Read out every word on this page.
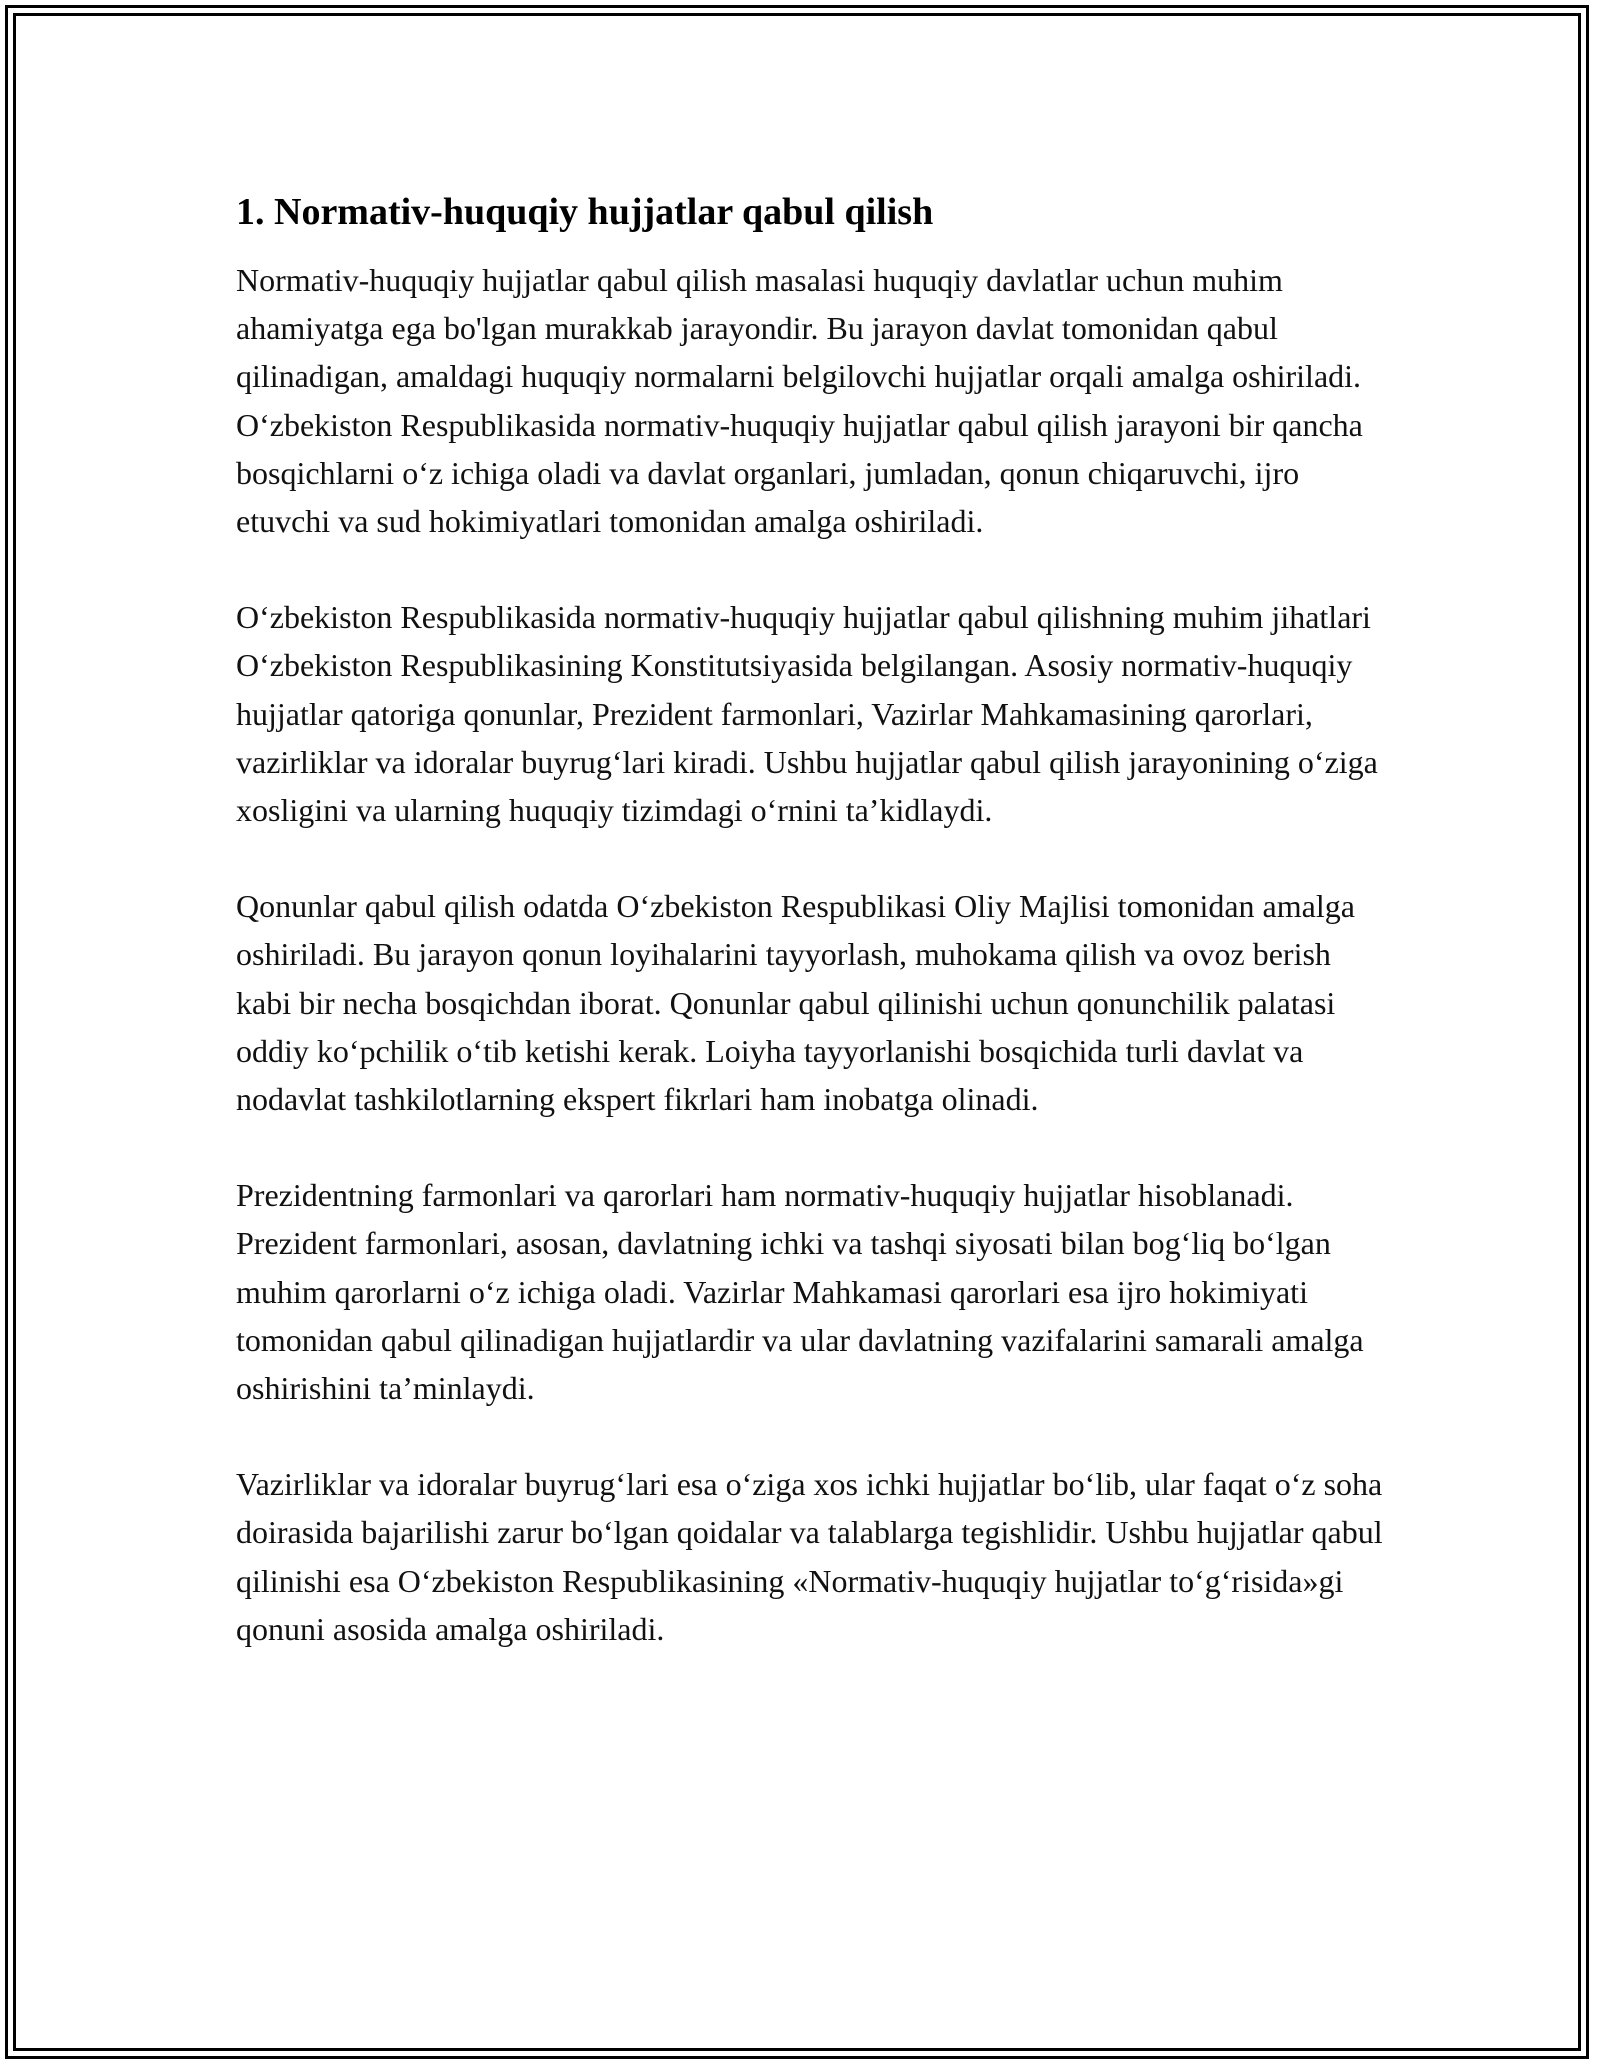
1. Normativ-huquqiy hujjatlar qabul qilish

Normativ-huquqiy hujjatlar qabul qilish masalasi huquqiy davlatlar uchun muhim ahamiyatga ega bo'lgan murakkab jarayondir. Bu jarayon davlat tomonidan qabul qilinadigan, amaldagi huquqiy normalarni belgilovchi hujjatlar orqali amalga oshiriladi. O‘zbekiston Respublikasida normativ-huquqiy hujjatlar qabul qilish jarayoni bir qancha bosqichlarni o‘z ichiga oladi va davlat organlari, jumladan, qonun chiqaruvchi, ijro etuvchi va sud hokimiyatlari tomonidan amalga oshiriladi.

O‘zbekiston Respublikasida normativ-huquqiy hujjatlar qabul qilishning muhim jihatlari O‘zbekiston Respublikasining Konstitutsiyasida belgilangan. Asosiy normativ-huquqiy hujjatlar qatoriga qonunlar, Prezident farmonlari, Vazirlar Mahkamasining qarorlari, vazirliklar va idoralar buyrug‘lari kiradi. Ushbu hujjatlar qabul qilish jarayonining o‘ziga xosligini va ularning huquqiy tizimdagi o‘rnini ta’kidlaydi.

Qonunlar qabul qilish odatda O‘zbekiston Respublikasi Oliy Majlisi tomonidan amalga oshiriladi. Bu jarayon qonun loyihalarini tayyorlash, muhokama qilish va ovoz berish kabi bir necha bosqichdan iborat. Qonunlar qabul qilinishi uchun qonunchilik palatasi oddiy ko‘pchilik o‘tib ketishi kerak. Loiyha tayyorlanishi bosqichida turli davlat va nodavlat tashkilotlarning ekspert fikrlari ham inobatga olinadi.

Prezidentning farmonlari va qarorlari ham normativ-huquqiy hujjatlar hisoblanadi. Prezident farmonlari, asosan, davlatning ichki va tashqi siyosati bilan bog‘liq bo‘lgan muhim qarorlarni o‘z ichiga oladi. Vazirlar Mahkamasi qarorlari esa ijro hokimiyati tomonidan qabul qilinadigan hujjatlardir va ular davlatning vazifalarini samarali amalga oshirishini ta’minlaydi.

Vazirliklar va idoralar buyrug‘lari esa o‘ziga xos ichki hujjatlar bo‘lib, ular faqat o‘z soha doirasida bajarilishi zarur bo‘lgan qoidalar va talablarga tegishlidir. Ushbu hujjatlar qabul qilinishi esa O‘zbekiston Respublikasining «Normativ-huquqiy hujjatlar to‘g‘risida»gi qonuni asosida amalga oshiriladi.
